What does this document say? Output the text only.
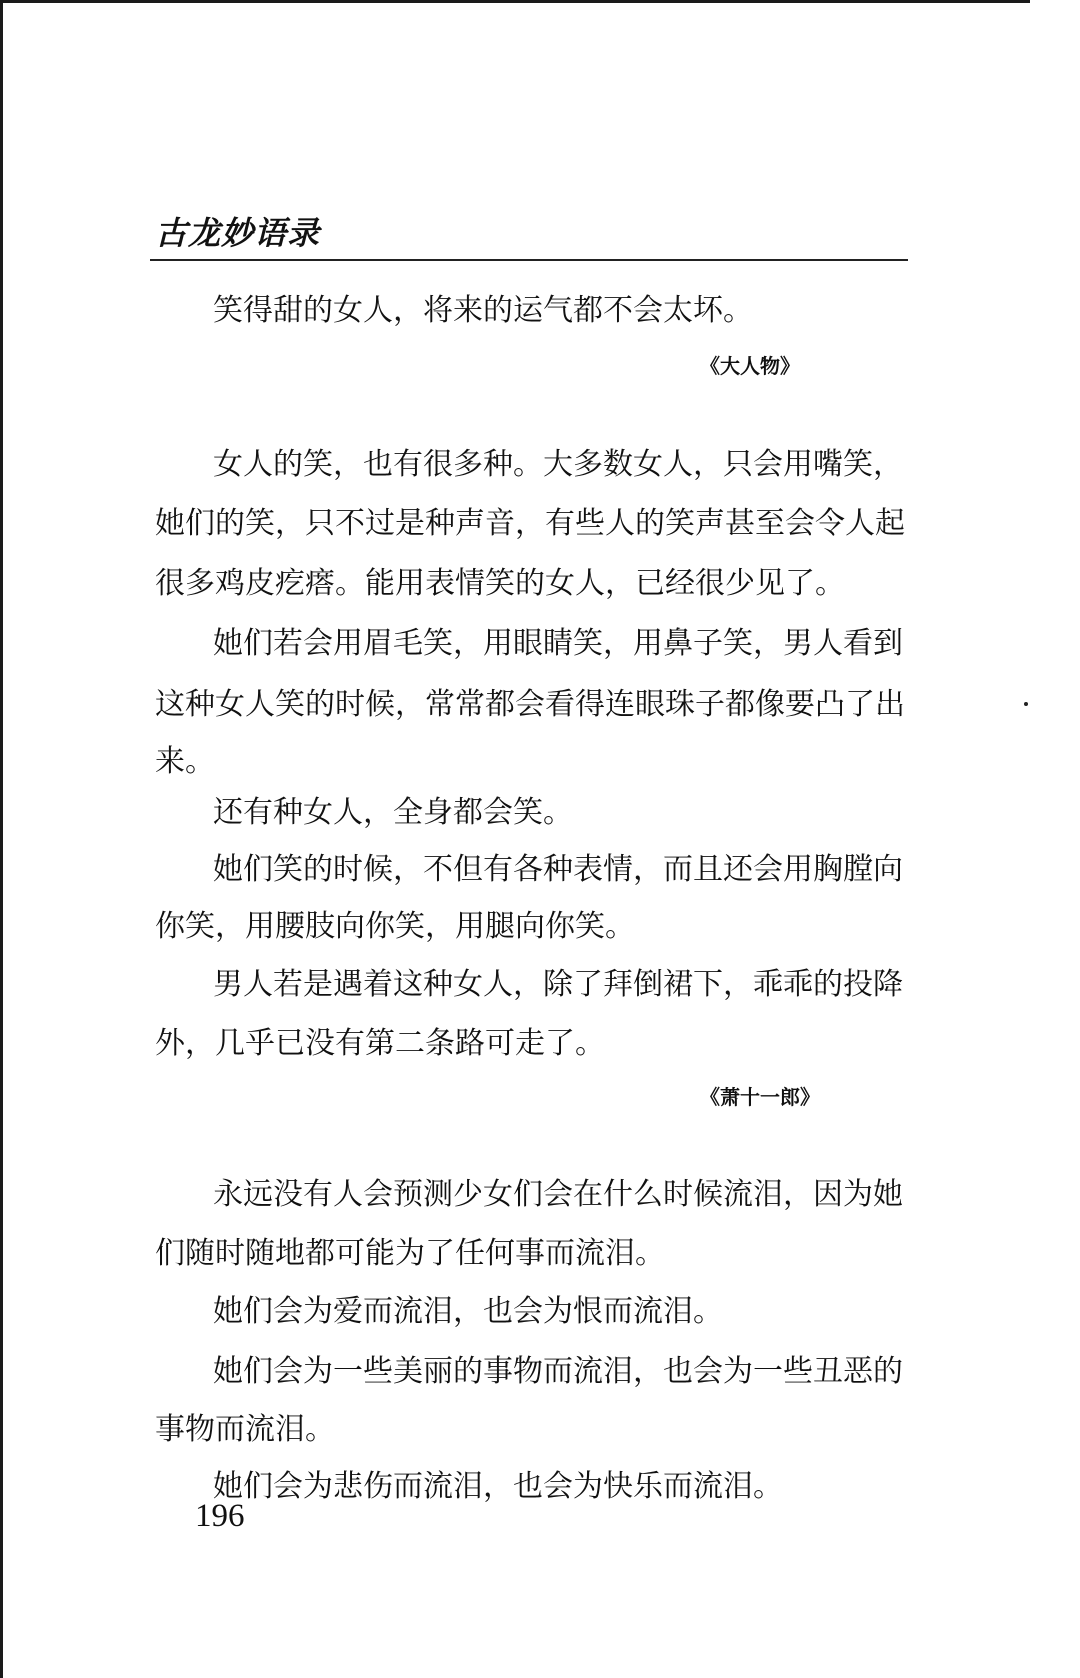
古龙妙语录
笑得甜的女人，将来的运气都不会太坏。
《大人物》
女人的笑，也有很多种。大多数女人，只会用嘴笑，
她们的笑，只不过是种声音，有些人的笑声甚至会令人起
很多鸡皮疙瘩。能用表情笑的女人，已经很少见了。
她们若会用眉毛笑，用眼睛笑，用鼻子笑，男人看到
这种女人笑的时候，常常都会看得连眼珠子都像要凸了出
来。
还有种女人，全身都会笑。
她们笑的时候，不但有各种表情，而且还会用胸膛向
你笑，用腰肢向你笑，用腿向你笑。
男人若是遇着这种女人，除了拜倒裙下，乖乖的投降
外，几乎已没有第二条路可走了。
《萧十一郎》
永远没有人会预测少女们会在什么时候流泪，因为她
们随时随地都可能为了任何事而流泪。
她们会为爱而流泪，也会为恨而流泪。
她们会为一些美丽的事物而流泪，也会为一些丑恶的
事物而流泪。
她们会为悲伤而流泪，也会为快乐而流泪。
196
